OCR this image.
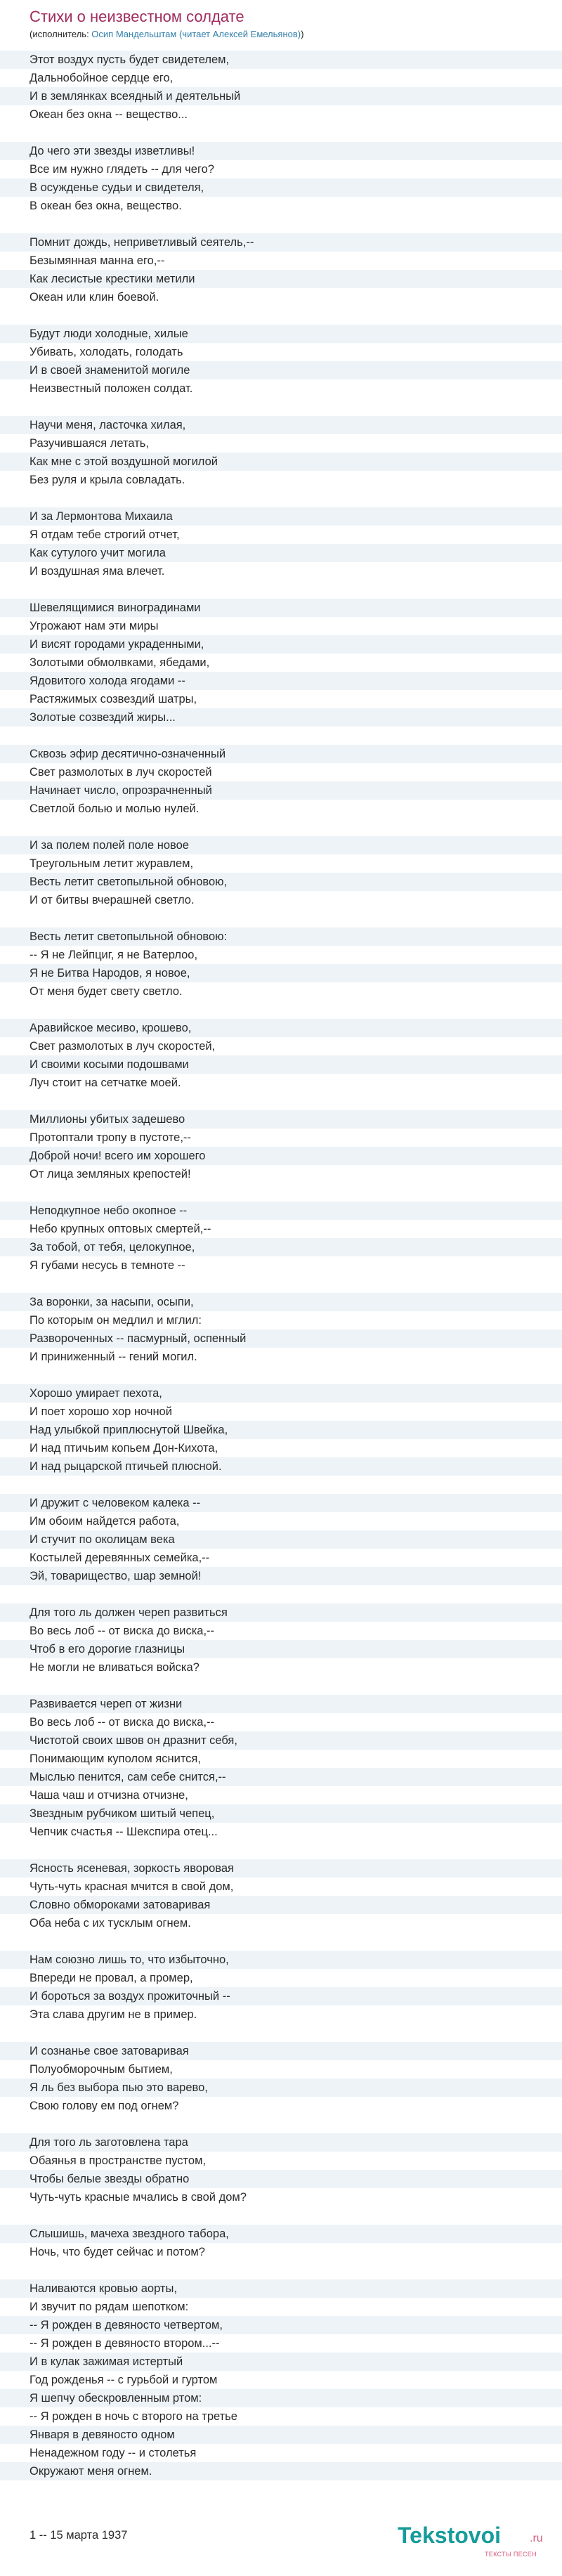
Стихи о неизвестном солдате
(исполнитель: Осип Мандельштам (читает Алексей Емельянов))
Этот воздух пусть будет свидетелем,
Дальнобойное сердце его,
И в землянках всеядный и деятельный
Океан без окна -- вещество...
До чего эти звезды изветливы!
Все им нужно глядеть -- для чего?
В осужденье судьи и свидетеля,
В океан без окна, вещество.
Помнит дождь, неприветливый сеятель,--
Безымянная манна его,--
Как лесистые крестики метили
Океан или клин боевой.
Будут люди холодные, хилые
Убивать, холодать, голодать
И в своей знаменитой могиле
Неизвестный положен солдат.
Научи меня, ласточка хилая,
Разучившаяся летать,
Как мне с этой воздушной могилой
Без руля и крыла совладать.
И за Лермонтова Михаила
Я отдам тебе строгий отчет,
Как сутулого учит могила
И воздушная яма влечет.
Шевелящимися виноградинами
Угрожают нам эти миры
И висят городами украденными,
Золотыми обмолвками, ябедами,
Ядовитого холода ягодами --
Растяжимых созвездий шатры,
Золотые созвездий жиры...
Сквозь эфир десятично-означенный
Свет размолотых в луч скоростей
Начинает число, опрозрачненный
Светлой болью и молью нулей.
И за полем полей поле новое
Треугольным летит журавлем,
Весть летит светопыльной обновою,
И от битвы вчерашней светло.
Весть летит светопыльной обновою:
-- Я не Лейпциг, я не Ватерлоо,
Я не Битва Народов, я новое,
От меня будет свету светло.
Аравийское месиво, крошево,
Свет размолотых в луч скоростей,
И своими косыми подошвами
Луч стоит на сетчатке моей.
Миллионы убитых задешево
Протоптали тропу в пустоте,--
Доброй ночи! всего им хорошего
От лица земляных крепостей!
Неподкупное небо окопное --
Небо крупных оптовых смертей,--
За тобой, от тебя, целокупное,
Я губами несусь в темноте --
За воронки, за насыпи, осыпи,
По которым он медлил и мглил:
Развороченных -- пасмурный, оспенный
И приниженный -- гений могил.
Хорошо умирает пехота,
И поет хорошо хор ночной
Над улыбкой приплюснутой Швейка,
И над птичьим копьем Дон-Кихота,
И над рыцарской птичьей плюсной.
И дружит с человеком калека --
Им обоим найдется работа,
И стучит по околицам века
Костылей деревянных семейка,--
Эй, товарищество, шар земной!
Для того ль должен череп развиться
Во весь лоб -- от виска до виска,--
Чтоб в его дорогие глазницы
Не могли не вливаться войска?
Развивается череп от жизни
Во весь лоб -- от виска до виска,--
Чистотой своих швов он дразнит себя,
Понимающим куполом яснится,
Мыслью пенится, сам себе снится,--
Чаша чаш и отчизна отчизне,
Звездным рубчиком шитый чепец,
Чепчик счастья -- Шекспира отец...
Ясность ясеневая, зоркость яворовая
Чуть-чуть красная мчится в свой дом,
Словно обмороками затоваривая
Оба неба с их тусклым огнем.
Нам союзно лишь то, что избыточно,
Впереди не провал, а промер,
И бороться за воздух прожиточный --
Эта слава другим не в пример.
И сознанье свое затоваривая
Полуобморочным бытием,
Я ль без выбора пью это варево,
Свою голову ем под огнем?
Для того ль заготовлена тара
Обаянья в пространстве пустом,
Чтобы белые звезды обратно
Чуть-чуть красные мчались в свой дом?
Слышишь, мачеха звездного табора,
Ночь, что будет сейчас и потом?
Наливаются кровью аорты,
И звучит по рядам шепотком:
-- Я рожден в девяносто четвертом,
-- Я рожден в девяносто втором...--
И в кулак зажимая истертый
Год рожденья -- с гурьбой и гуртом
Я шепчу обескровленным ртом:
-- Я рожден в ночь с второго на третье
Января в девяносто одном
Ненадежном году -- и столетья
Окружают меня огнем.
1 -- 15 марта 1937	Tekstovoi	.ru
ТЕКСТЫ ПЕСЕН
